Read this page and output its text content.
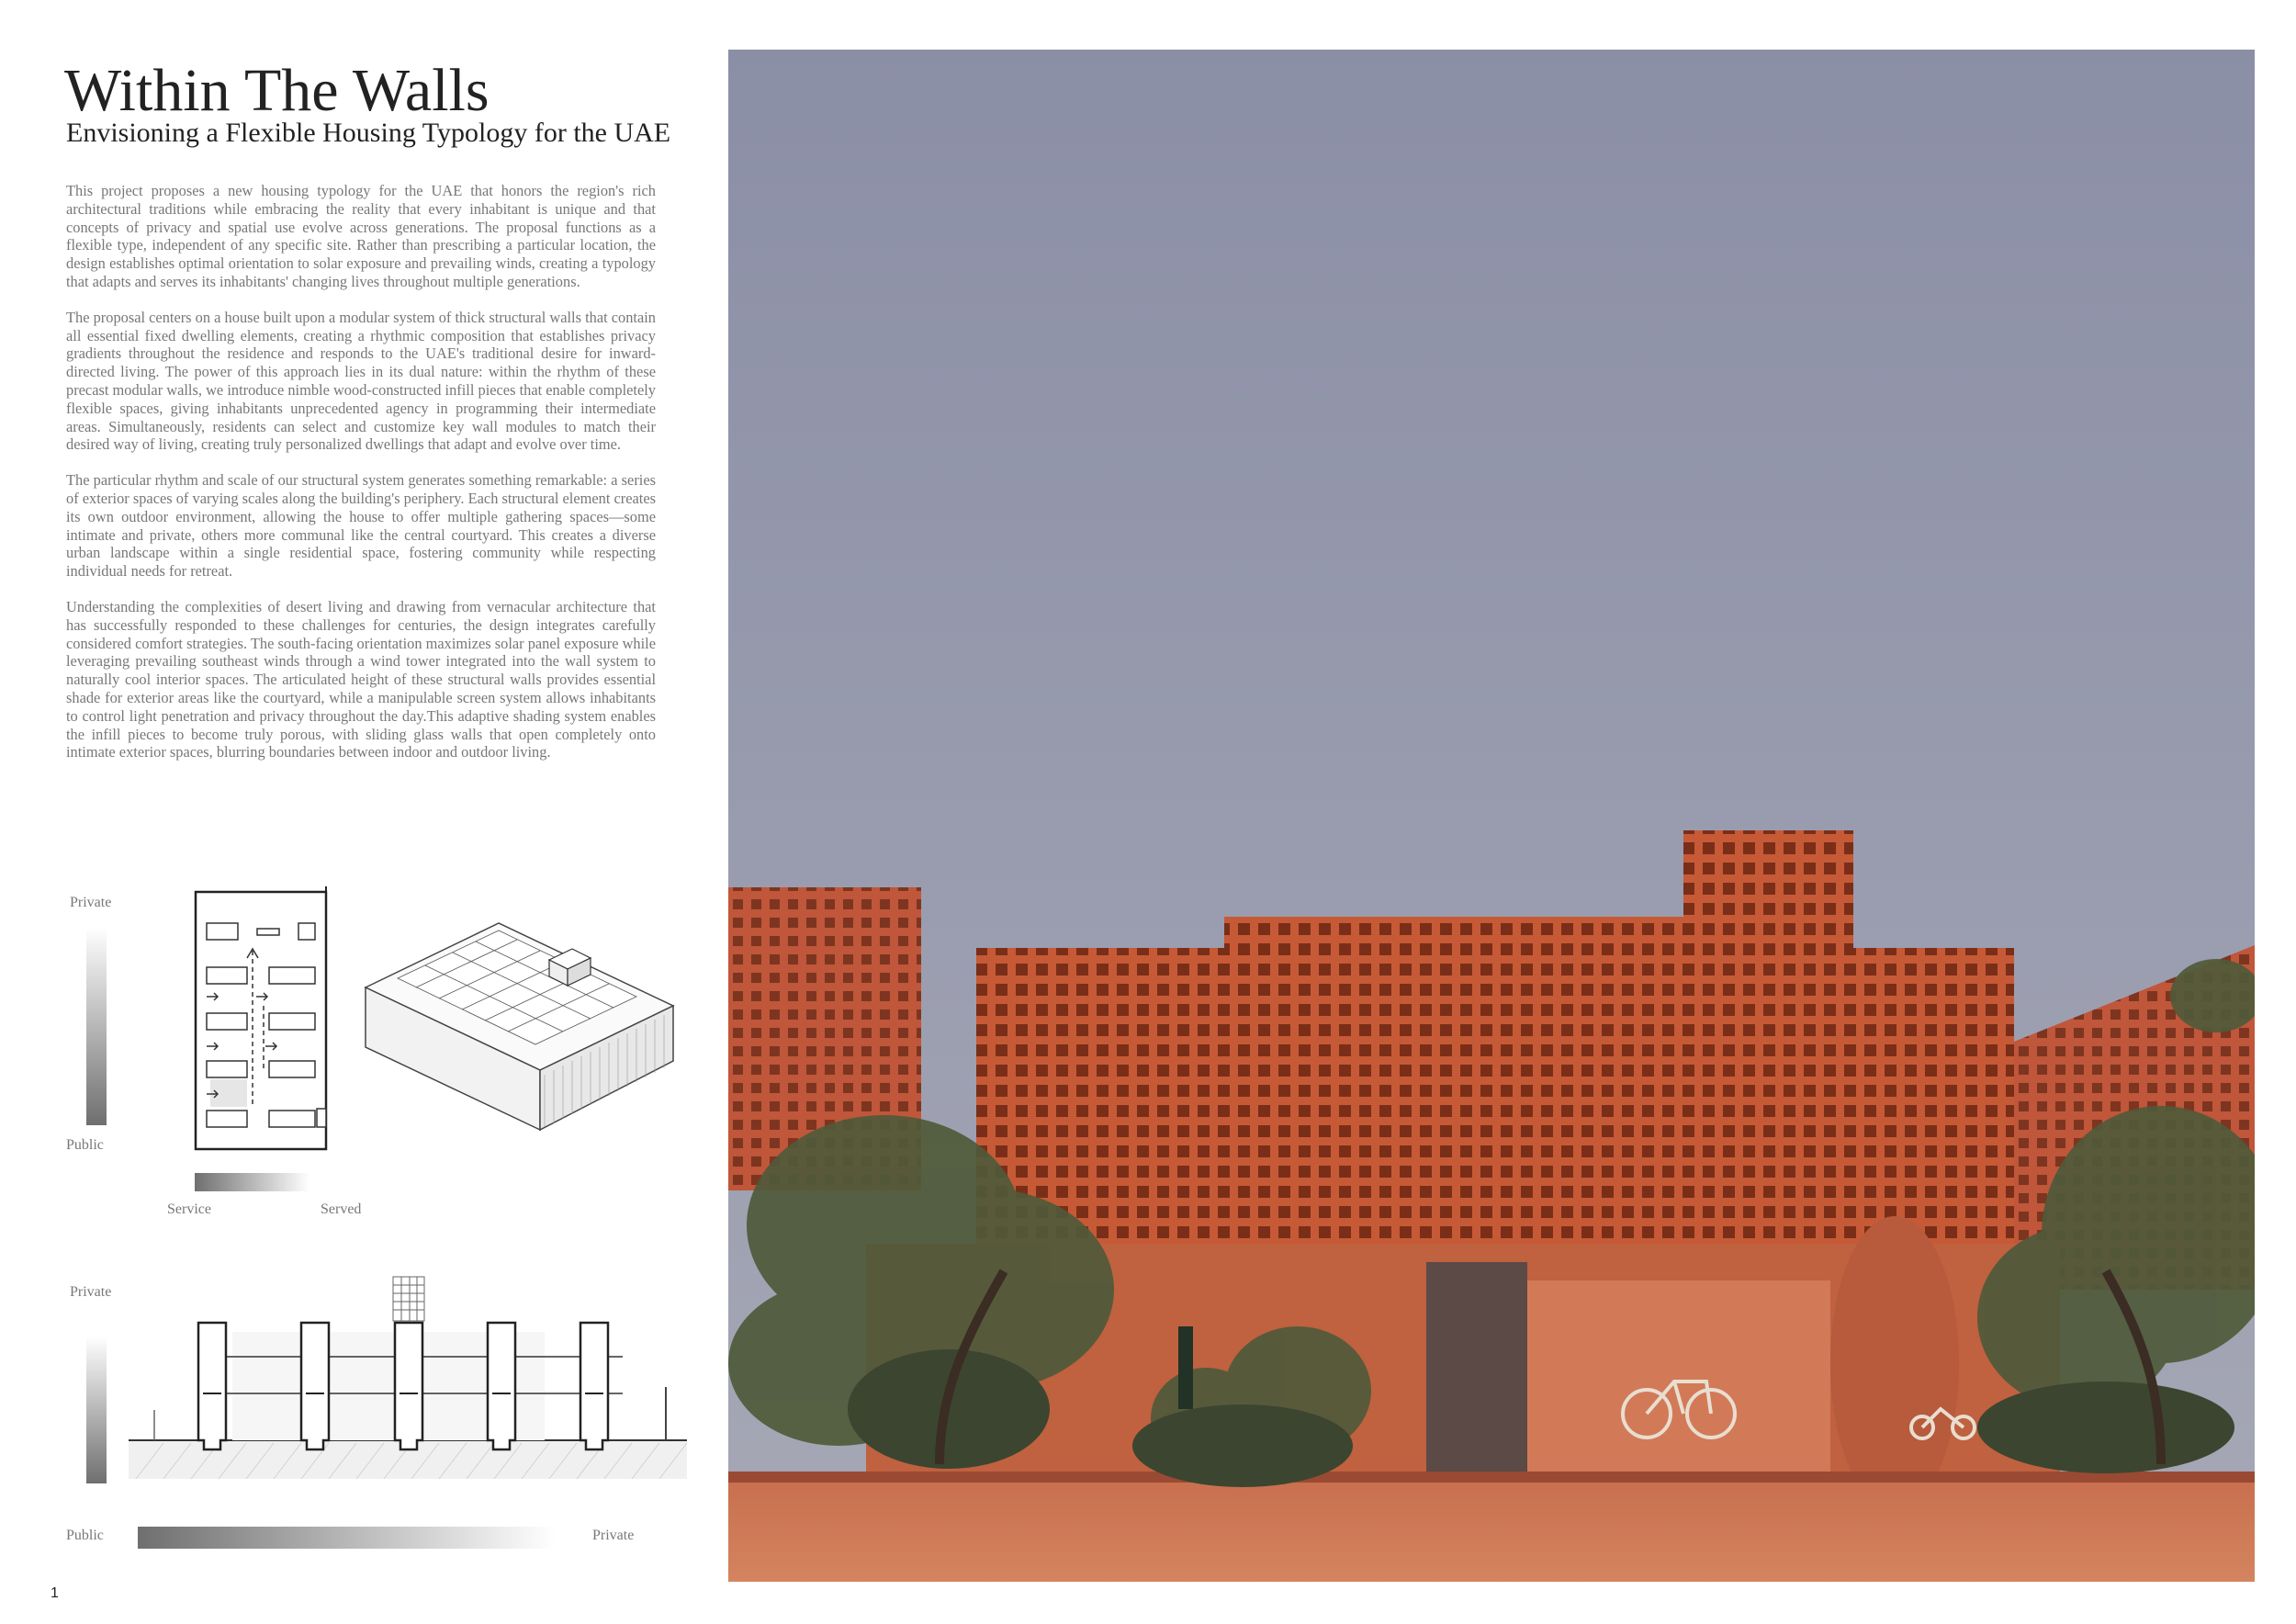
Within The Walls
Envisioning a Flexible Housing Typology for the UAE

This project proposes a new housing typology for the UAE that honors the region's rich architectural traditions while embracing the reality that every inhabitant is unique and that concepts of privacy and spatial use evolve across generations. The proposal functions as a flexible type, independent of any specific site. Rather than prescribing a particular location, the design establishes optimal orientation to solar exposure and prevailing winds, creating a typology that adapts and serves its inhabitants' changing lives throughout multiple generations.

The proposal centers on a house built upon a modular system of thick structural walls that contain all essential fixed dwelling elements, creating a rhythmic composition that establishes privacy gradients throughout the residence and responds to the UAE's traditional desire for inward-directed living. The power of this approach lies in its dual nature: within the rhythm of these precast modular walls, we introduce nimble wood-constructed infill pieces that enable completely flexible spaces, giving inhabitants unprecedented agency in programming their intermediate areas. Simultaneously, residents can select and customize key wall modules to match their desired way of living, creating truly personalized dwellings that adapt and evolve over time.

The particular rhythm and scale of our structural system generates something remarkable: a series of exterior spaces of varying scales along the building's periphery. Each structural element creates its own outdoor environment, allowing the house to offer multiple gathering spaces—some intimate and private, others more communal like the central courtyard. This creates a diverse urban landscape within a single residential space, fostering community while respecting individual needs for retreat.

Understanding the complexities of desert living and drawing from vernacular architecture that has successfully responded to these challenges for centuries, the design integrates carefully considered comfort strategies. The south-facing orientation maximizes solar panel exposure while leveraging prevailing southeast winds through a wind tower integrated into the wall system to naturally cool interior spaces. The articulated height of these structural walls provides essential shade for exterior areas like the courtyard, while a manipulable screen system allows inhabitants to control light penetration and privacy throughout the day.This adaptive shading system enables the infill pieces to become truly porous, with sliding glass walls that open completely onto intimate exterior spaces, blurring boundaries between indoor and outdoor living.

Private
Public
Service	Served
Private
Public	Private
1
